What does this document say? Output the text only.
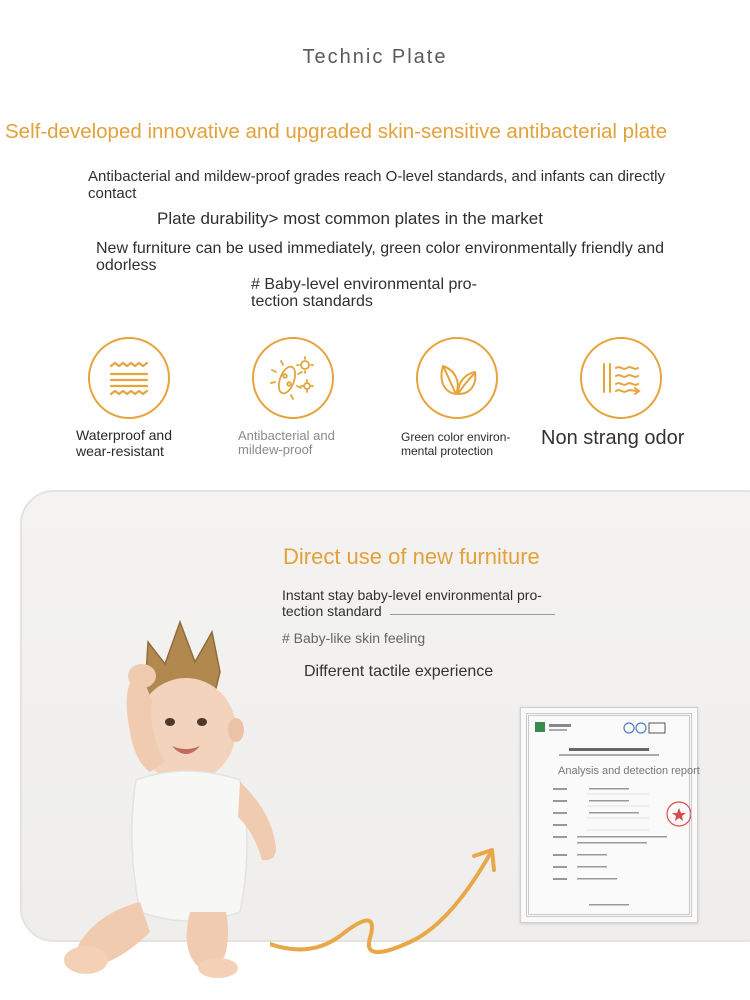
Technic Plate
Self-developed innovative and upgraded skin-sensitive antibacterial plate
Antibacterial and mildew-proof grades reach O-level standards, and infants can directly contact
Plate durability> most common plates in the market
New furniture can be used immediately, green color environmentally friendly and odorless
# Baby-level environmental pro-tection standards
Waterproof and wear-resistant
Antibacterial and mildew-proof
Green color environ-mental protection
Non strang odor
Direct use of new furniture
Instant stay baby-level environmental pro-tection standard
# Baby-like skin feeling
Different tactile experience
Analysis and detection report
